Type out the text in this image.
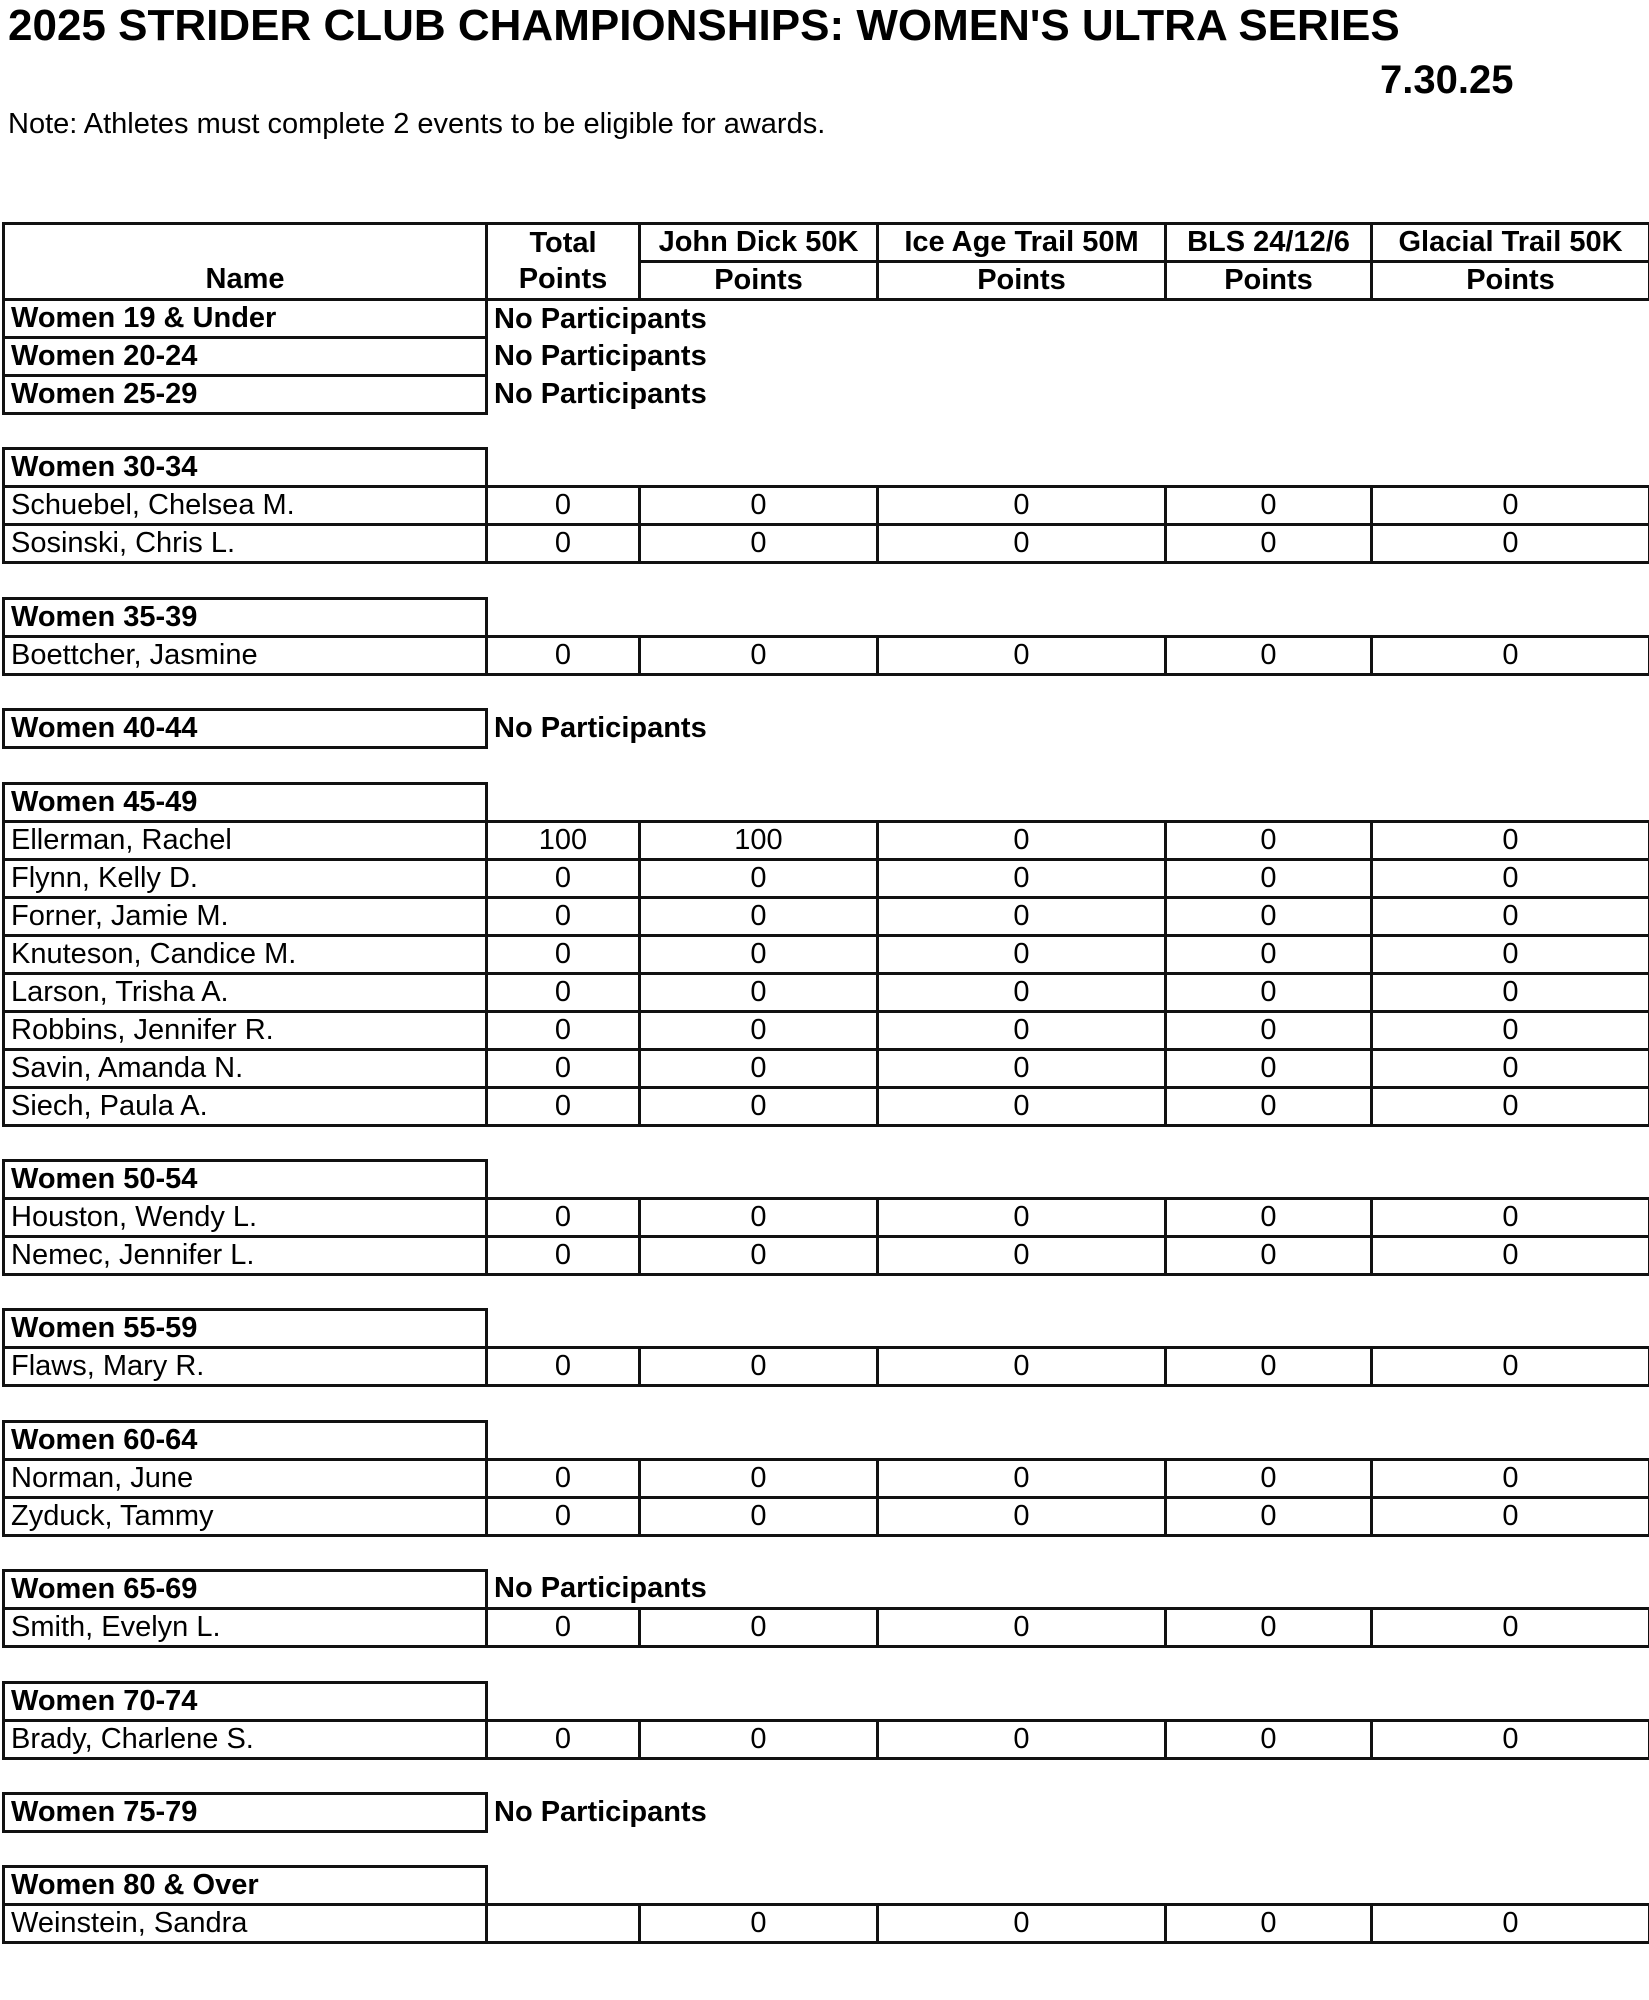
2025 STRIDER CLUB CHAMPIONSHIPS: WOMEN'S ULTRA SERIES
7.30.25
Note: Athletes must complete 2 events to be eligible for awards.
	Total	John Dick 50K	Ice Age Trail 50M	BLS 24/12/6	Glacial Trail 50K
Name	Points	Points	Points	Points	Points
Women 19 & Under	No Participants				
Women 20-24	No Participants				
Women 25-29	No Participants				

Women 30-34					
Schuebel, Chelsea M.	0	0	0	0	0
Sosinski, Chris L.	0	0	0	0	0

Women 35-39					
Boettcher, Jasmine	0	0	0	0	0

Women 40-44	No Participants				

Women 45-49					
Ellerman, Rachel	100	100	0	0	0
Flynn, Kelly D.	0	0	0	0	0
Forner, Jamie M.	0	0	0	0	0
Knuteson, Candice M.	0	0	0	0	0
Larson, Trisha A.	0	0	0	0	0
Robbins, Jennifer R.	0	0	0	0	0
Savin, Amanda N.	0	0	0	0	0
Siech, Paula A.	0	0	0	0	0

Women 50-54					
Houston, Wendy L.	0	0	0	0	0
Nemec, Jennifer L.	0	0	0	0	0

Women 55-59					
Flaws, Mary R.	0	0	0	0	0

Women 60-64					
Norman, June	0	0	0	0	0
Zyduck, Tammy	0	0	0	0	0

Women 65-69	No Participants				
Smith, Evelyn L.	0	0	0	0	0

Women 70-74					
Brady, Charlene S.	0	0	0	0	0

Women 75-79	No Participants				

Women 80 & Over					
Weinstein, Sandra		0	0	0	0
